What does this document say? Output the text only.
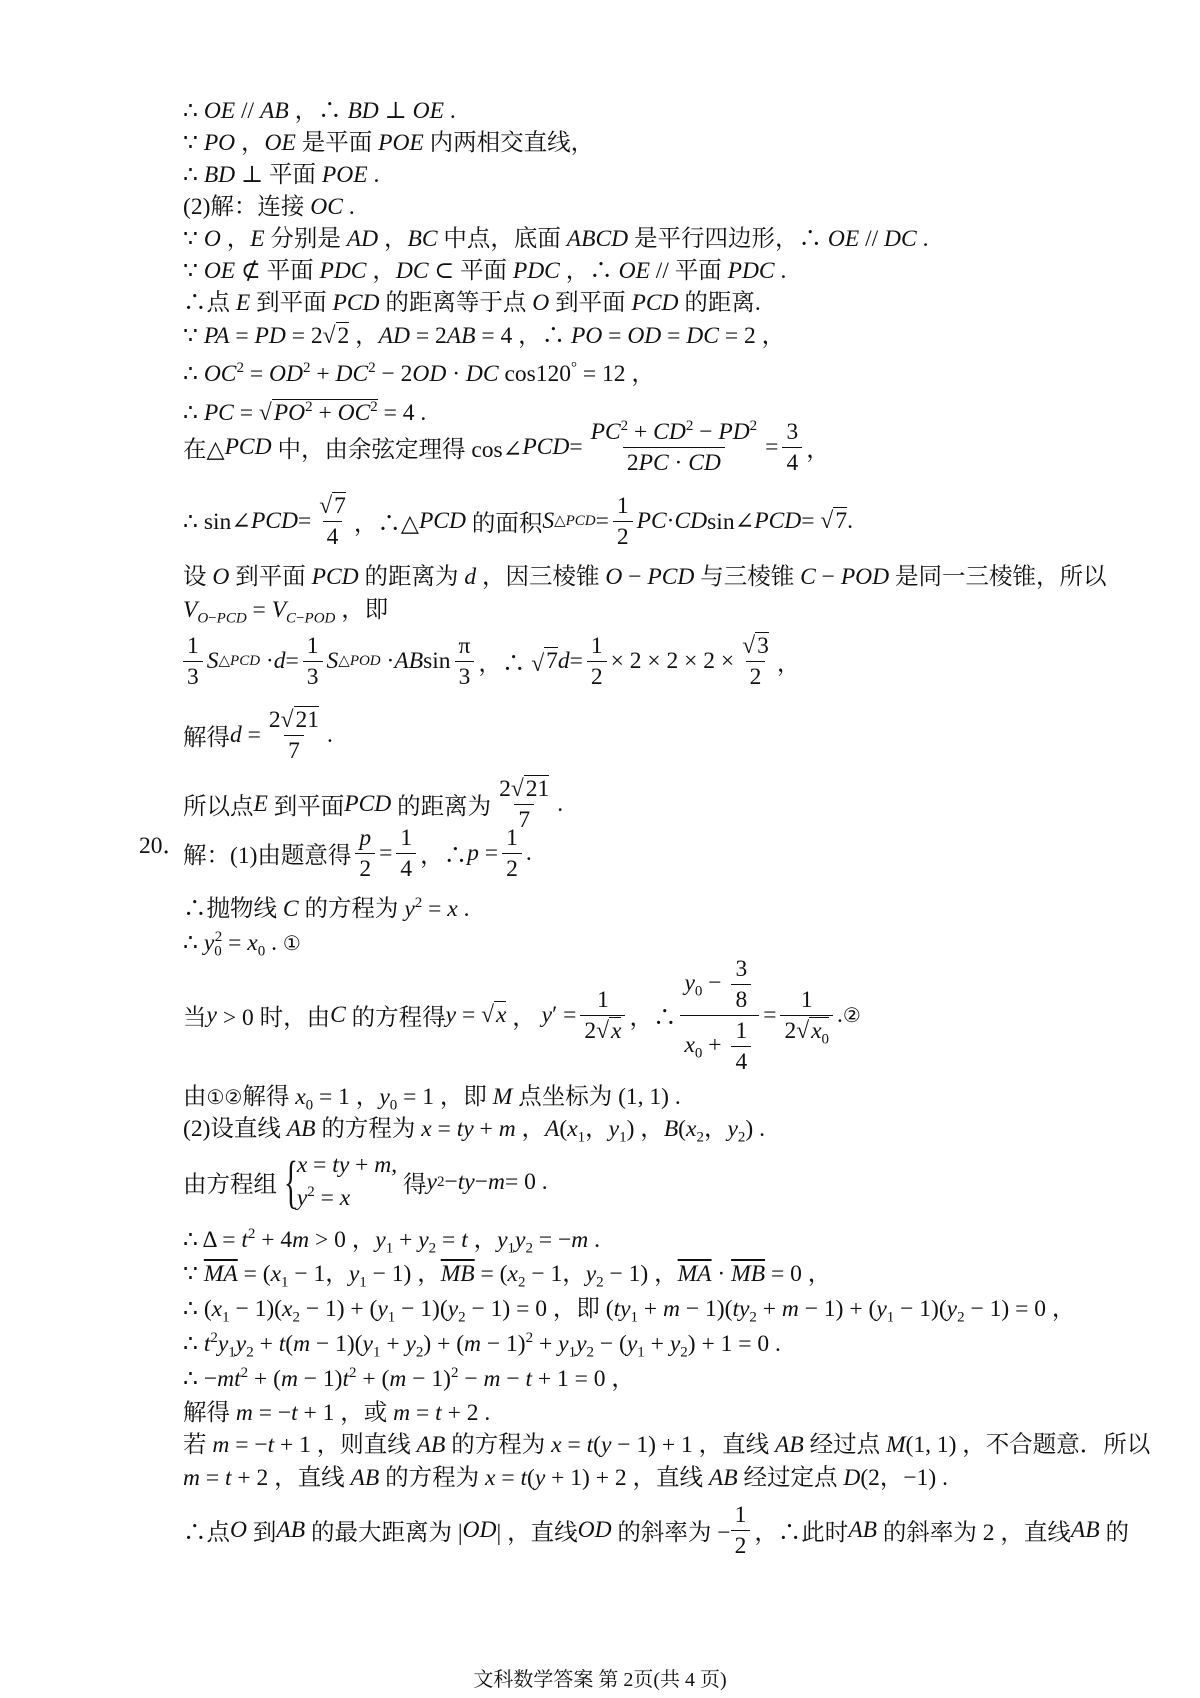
∴ OE // AB ，∴ BD ⊥ OE .
∵ PO ，OE 是平面 POE 内两相交直线，
∴ BD ⊥ 平面 POE .
(2)解：连接 OC .
∵ O ，E 分别是 AD ，BC 中点，底面 ABCD 是平行四边形，∴ OE // DC .
∵ OE ⊄ 平面 PDC ，DC ⊂ 平面 PDC ，∴ OE // 平面 PDC .
∴点 E 到平面 PCD 的距离等于点 O 到平面 PCD 的距离.
∵ PA = PD = 2√2 ，AD = 2AB = 4 ，∴ PO = OD = DC = 2 ，
∴ $OC^2 = OD^2 + DC^2 - 2OD$ · DC cos120° = 12 ，
∴ PC = $√PO^2 + OC^2 = 4$ .
在△ PCD 中，由余弦定理得 cos∠ PCD = $\frac{PC^2 + CD^2 - PD^2}{2PC \cdot CD} = \frac{3}{4}$ ，
∴ sin∠ PCD = $\frac{√7}{4}$ ，∴△ PCD 的面积 S △PCD = $\frac{1}{2}$ PC · CD sin∠ PCD = √ 7 .
设 O 到平面 PCD 的距离为 d ，因三棱锥 O − PCD 与三棱锥 C − POD 是同一三棱锥，所以
$V_{O-PCD} = V_{C-POD}$ ，即
$\frac{1}{3}$ S △PCD · $d = \frac{1}{3}$ S △POD · AB $\sin \frac{\pi}{3}$ ，∴ √ 7 $d = \frac{1}{2} \times 2 \times 2 \times 2 \times \frac{√3}{2}$ ，
解得 $d = \frac{2√21}{7}$ .
所以点 E 到平面 PCD 的距离为 $\frac{2√21}{7}$ .
20．
解：(1)由题意得 $\frac{p}{2} = \frac{1}{4}$ ，∴ $p = \frac{1}{2}$ .
∴抛物线 C 的方程为 $y^2 = x$ .
∴ $y_0^2 = x_0$ . ①
当 y > 0 时，由 C 的方程得 y = √ x ， y ′ = $\frac{1}{2√x}$ ，∴ $\frac{y_0 - \frac{3}{8}}{x_0 + \frac{1}{4}} = \frac{1}{2√x_0}$ . ②
由①②解得 $x_0 = 1$ ，$y_0 = 1$ ，即 M 点坐标为 (1, 1) .
(2)设直线 AB 的方程为 x = ty + m ，$A(x_1$，$y_1$) ，$B(x_2$，$y_2$) .
由方程组 {
x = ty + m,
$y^2 = x$	得 y 2 − ty − m = 0 .
∴ $\Delta = t^2 + 4m > 0$ ，$y_1 + y_2 = t$ ，$y_1y_2 = -m$ .
∵ $\overline{MA} = (x_1 - 1$，$y_1 - 1$) ，$\overline{MB} = (x_2 - 1$，$y_2 - 1$) ，$\overline{MA} \cdot \overline{MB} = 0$ ，
∴ $(x_1 - 1)(x_2 - 1) + (y_1 - 1)(y_2 - 1) = 0$ ，即 $(ty_1 + m - 1)(ty_2 + m - 1) + (y_1 - 1)(y_2 - 1) = 0$ ，
∴ $t^2y_1y_2 + t(m - 1)(y_1 + y_2) + (m - 1)^2 + y_1y_2 - (y_1 + y_2) + 1 = 0$ .
∴ $-mt^2 + (m - 1)t^2 + (m - 1)^2 - m - t + 1 = 0$ ，
解得 m = −t + 1 ，或 m = t + 2 .
若 m = −t + 1 ，则直线 AB 的方程为 x = t(y − 1) + 1 ，直线 AB 经过点 M(1, 1) ，不合题意．所以
m = t + 2 ，直线 AB 的方程为 x = t(y + 1) + 2 ，直线 AB 经过定点 D(2，−1) .
∴点 O 到 AB 的最大距离为 | OD | ，直线 OD 的斜率为 − $\frac{1}{2}$ ，∴此时 AB 的斜率为 2 ，直线 AB 的
文科数学答案 第 2页(共 4 页)
